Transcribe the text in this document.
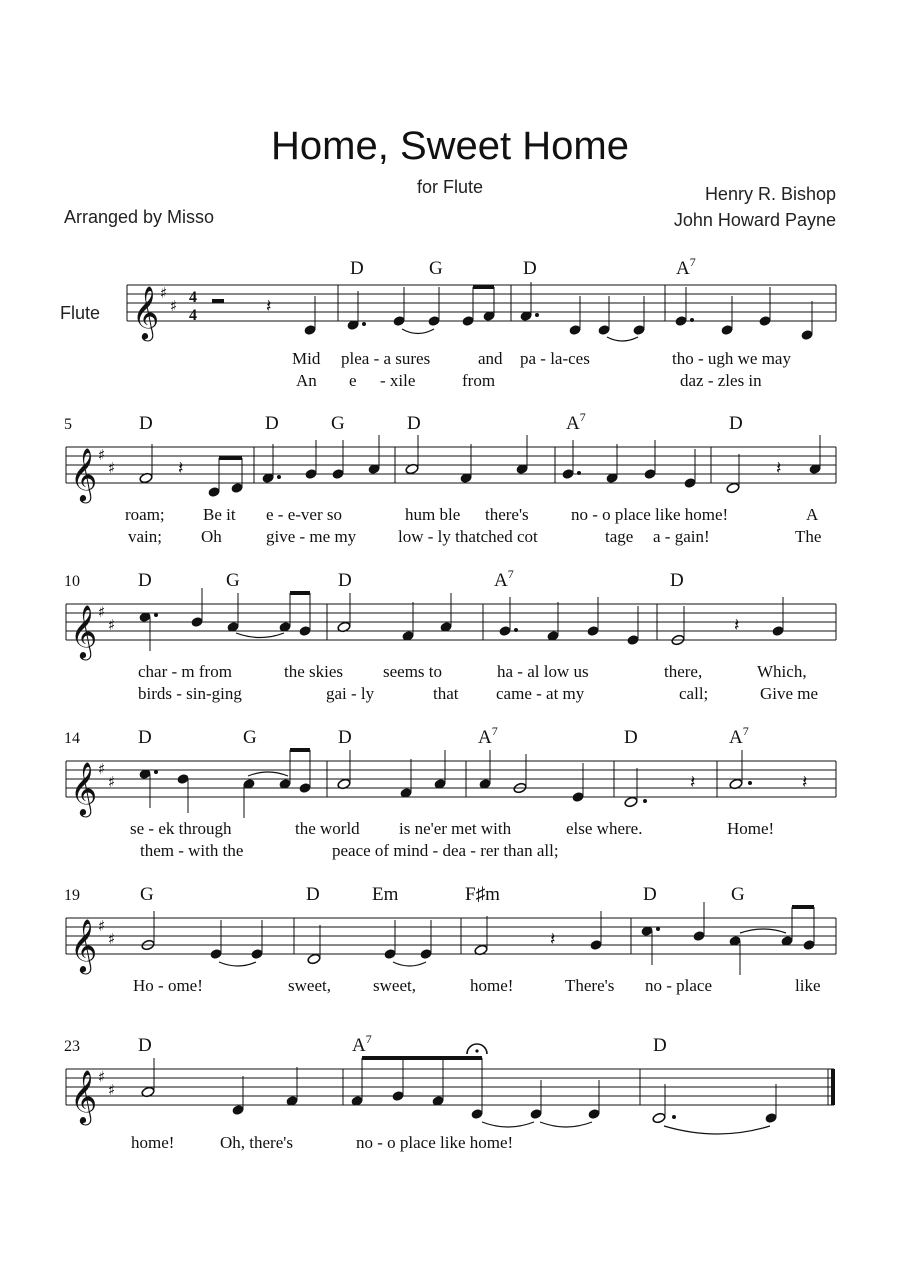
Home, Sweet Home
for Flute	Henry R. Bishop
John Howard Payne
Arranged by Misso
Flute 𝄞 ♯
♯ 4
4	𝄽
D	G	D	$A^7$
Mid plea - a sures	and pa - la-ces	tho - ugh we may
An e - xile	from	daz - zles in
𝄞 ♯
♯	𝄽	𝄽
5	D	D	G	D	$A^7$	D
roam; Be it e - e-ver so	hum ble there's no - o place like home!	A
vain; Oh	give - me my low - ly thatched cot	tage a - gain!	The
𝄞 ♯
♯	𝄽
10	D	G	D	$A^7$	D
char - m from	the skies seems to	ha - al low us	there,	Which,
birds - sin-ging	gai - ly	that came - at my	call;	Give me
𝄞 ♯
♯	𝄽	𝄽
14	D	G	D	$A^7$	D	$A^7$
se - ek through	the world is ne'er met with	else where.	Home!
them - with the	peace of mind - dea - rer than all;
𝄞 ♯
♯	𝄽
19	G	D	Em	F♯m	D	G
Ho - ome!	sweet, sweet,	home!	There's no - place	like
𝄞 ♯
♯
23	D	$A^7$	D
home!	Oh, there's	no - o place like home!
